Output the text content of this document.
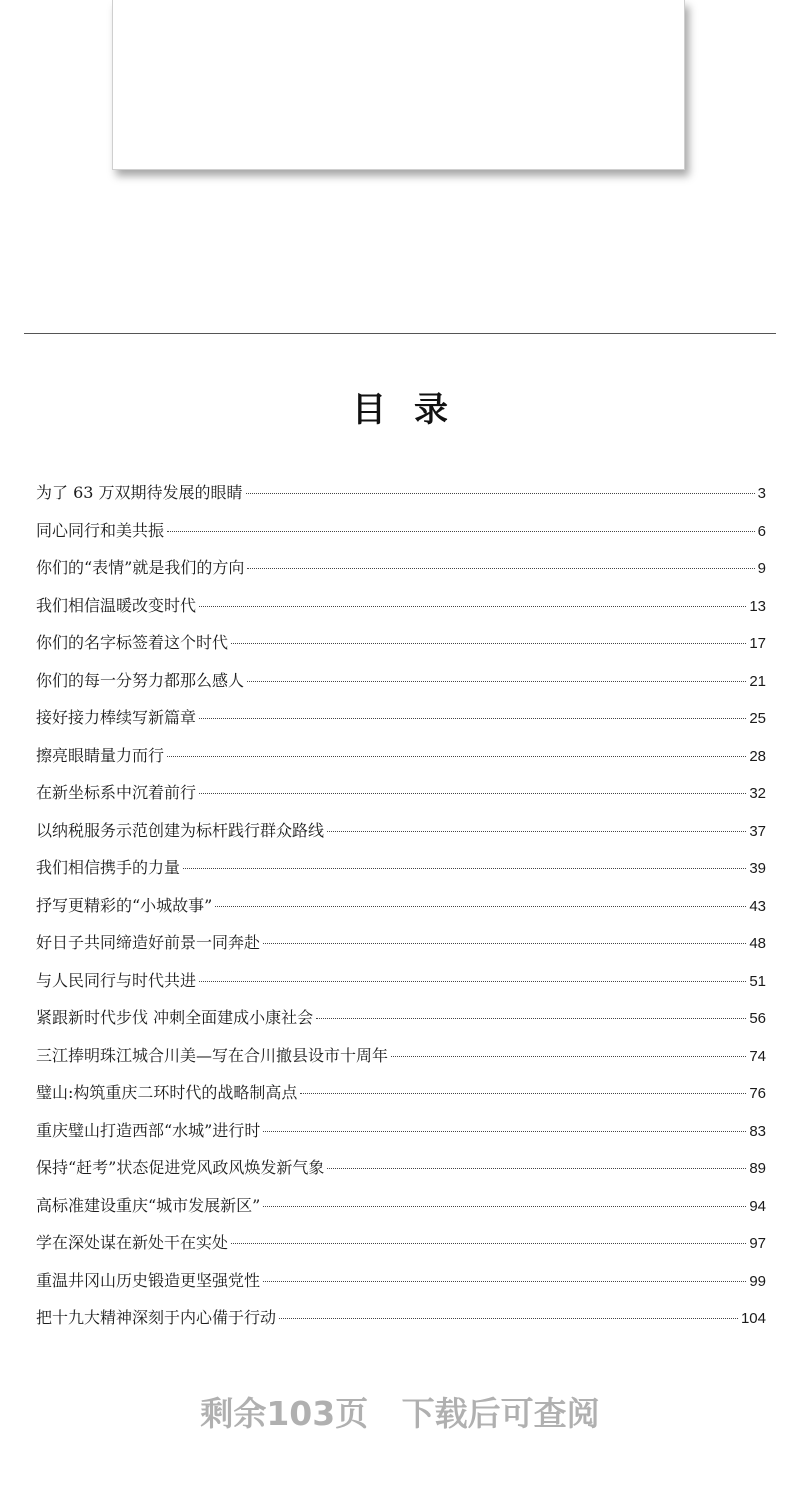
目录
为了 63 万双期待发展的眼睛	3
同心同行和美共振	6
你们的“表情”就是我们的方向	9
我们相信温暖改变时代	13
你们的名字标签着这个时代	17
你们的每一分努力都那么感人	21
接好接力棒续写新篇章	25
擦亮眼睛量力而行	28
在新坐标系中沉着前行	32
以纳税服务示范创建为标杆践行群众路线	37
我们相信携手的力量	39
抒写更精彩的“小城故事”	43
好日子共同缔造好前景一同奔赴	48
与人民同行与时代共进	51
紧跟新时代步伐 冲刺全面建成小康社会	56
三江捧明珠江城合川美—写在合川撤县设市十周年	74
璧山:构筑重庆二环时代的战略制高点	76
重庆璧山打造西部“水城”进行时	83
保持“赶考”状态促进党风政风焕发新气象	89
高标准建设重庆“城市发展新区”	94
学在深处谋在新处干在实处	97
重温井冈山历史锻造更坚强党性	99
把十九大精神深刻于内心備于行动	104
剩余103页 下载后可查阅
